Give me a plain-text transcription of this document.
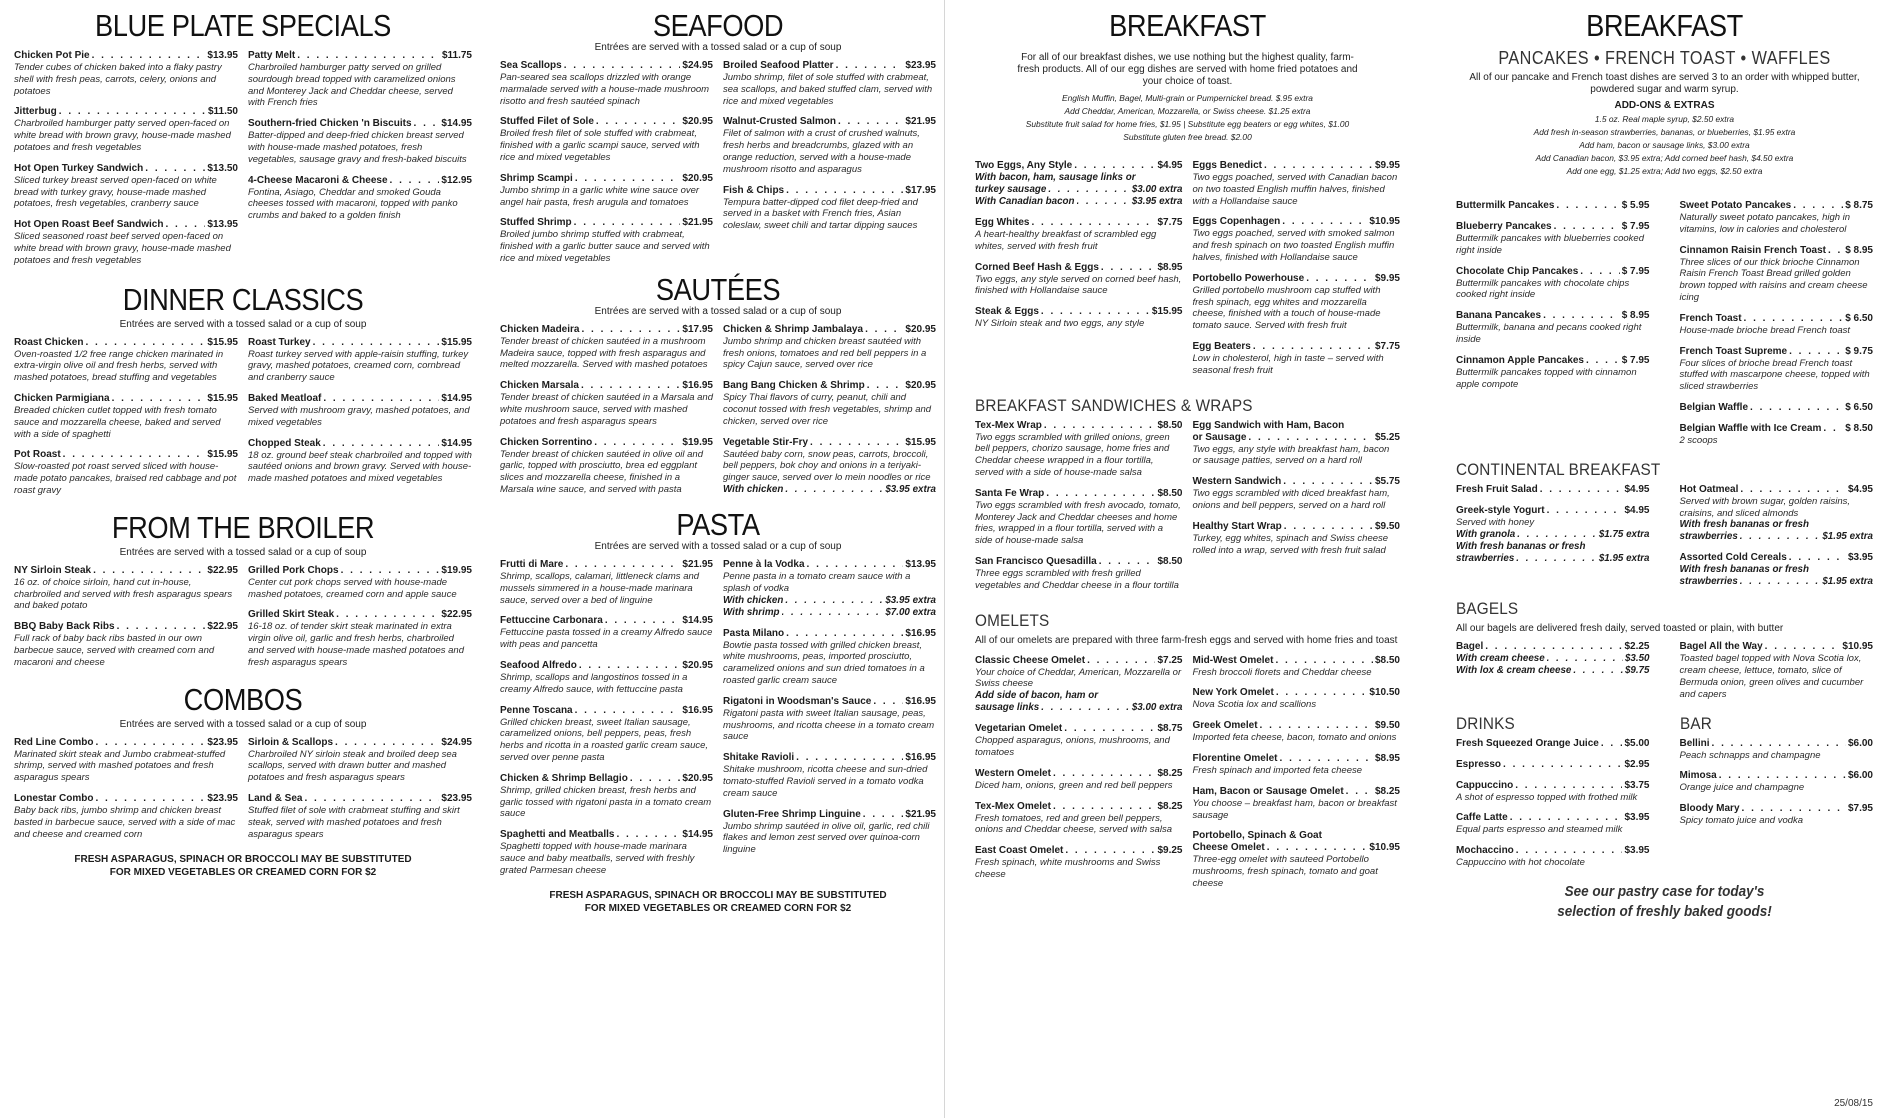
BLUE PLATE SPECIALS
Chicken Pot Pie . . .	$13.95
Tender cubes of chicken baked into a flaky pastry shell with fresh peas, carrots, celery, onions and potatoes
Jitterbug . . .	$11.50
Charbroiled hamburger patty served open-faced on white bread with brown gravy, house-made mashed potatoes and fresh vegetables
Hot Open Turkey Sandwich . . .	$13.50
Sliced turkey breast served open-faced on white bread with turkey gravy, house-made mashed potatoes, fresh vegetables, cranberry sauce
Hot Open Roast Beef Sandwich . . .	$13.95
Sliced seasoned roast beef served open-faced on white bread with brown gravy, house-made mashed potatoes and fresh vegetables
Patty Melt . . .	$11.75
Charbroiled hamburger patty served on grilled sourdough bread topped with caramelized onions and Monterey Jack and Cheddar cheese, served with French fries
Southern-fried Chicken 'n Biscuits . . .	$14.95
Batter-dipped and deep-fried chicken breast served with house-made mashed potatoes, fresh vegetables, sausage gravy and fresh-baked biscuits
4-Cheese Macaroni & Cheese . . .	$12.95
Fontina, Asiago, Cheddar and smoked Gouda cheeses tossed with macaroni, topped with panko crumbs and baked to a golden finish
DINNER CLASSICS
Entrées are served with a tossed salad or a cup of soup
Roast Chicken . . .	$15.95
Oven-roasted 1/2 free range chicken marinated in extra-virgin olive oil and fresh herbs, served with mashed potatoes, bread stuffing and vegetables
Chicken Parmigiana . . .	$15.95
Breaded chicken cutlet topped with fresh tomato sauce and mozzarella cheese, baked and served with a side of spaghetti
Pot Roast . . .	$15.95
Slow-roasted pot roast served sliced with house-made potato pancakes, braised red cabbage and pot roast gravy
Roast Turkey . . .	$15.95
Roast turkey served with apple-raisin stuffing, turkey gravy, mashed potatoes, creamed corn, cornbread and cranberry sauce
Baked Meatloaf . . .	$14.95
Served with mushroom gravy, mashed potatoes, and mixed vegetables
Chopped Steak . . .	$14.95
18 oz. ground beef steak charbroiled and topped with sautéed onions and brown gravy. Served with house-made mashed potatoes and mixed vegetables
FROM THE BROILER
Entrées are served with a tossed salad or a cup of soup
NY Sirloin Steak . . .	$22.95
16 oz. of choice sirloin, hand cut in-house, charbroiled and served with fresh asparagus spears and baked potato
BBQ Baby Back Ribs . . .	$22.95
Full rack of baby back ribs basted in our own barbecue sauce, served with creamed corn and macaroni and cheese
Grilled Pork Chops . . .	$19.95
Center cut pork chops served with house-made mashed potatoes, creamed corn and apple sauce
Grilled Skirt Steak . . .	$22.95
16-18 oz. of tender skirt steak marinated in extra virgin olive oil, garlic and fresh herbs, charbroiled and served with house-made mashed potatoes and fresh asparagus spears
COMBOS
Entrées are served with a tossed salad or a cup of soup
Red Line Combo . . .	$23.95
Marinated skirt steak and Jumbo crabmeat-stuffed shrimp, served with mashed potatoes and fresh asparagus spears
Lonestar Combo . . .	$23.95
Baby back ribs, jumbo shrimp and chicken breast basted in barbecue sauce, served with a side of mac and cheese and creamed corn
Sirloin & Scallops . . .	$24.95
Charbroiled NY sirloin steak and broiled deep sea scallops, served with drawn butter and mashed potatoes and fresh asparagus spears
Land & Sea . . .	$23.95
Stuffed filet of sole with crabmeat stuffing and skirt steak, served with mashed potatoes and fresh asparagus spears
FRESH ASPARAGUS, SPINACH OR BROCCOLI MAY BE SUBSTITUTED
FOR MIXED VEGETABLES OR CREAMED CORN FOR $2
SEAFOOD
Entrées are served with a tossed salad or a cup of soup
Sea Scallops . . .	$24.95
Pan-seared sea scallops drizzled with orange marmalade served with a house-made mushroom risotto and fresh sautéed spinach
Stuffed Filet of Sole . . .	$20.95
Broiled fresh filet of sole stuffed with crabmeat, finished with a garlic scampi sauce, served with rice and mixed vegetables
Shrimp Scampi . . .	$20.95
Jumbo shrimp in a garlic white wine sauce over angel hair pasta, fresh arugula and tomatoes
Stuffed Shrimp . . .	$21.95
Broiled jumbo shrimp stuffed with crabmeat, finished with a garlic butter sauce and served with rice and mixed vegetables
Broiled Seafood Platter . . .	$23.95
Jumbo shrimp, filet of sole stuffed with crabmeat, sea scallops, and baked stuffed clam, served with rice and mixed vegetables
Walnut-Crusted Salmon . . .	$21.95
Filet of salmon with a crust of crushed walnuts, fresh herbs and breadcrumbs, glazed with an orange reduction, served with a house-made mushroom risotto and asparagus
Fish & Chips . . .	$17.95
Tempura batter-dipped cod filet deep-fried and served in a basket with French fries, Asian coleslaw, sweet chili and tartar dipping sauces
SAUTÉES
Entrées are served with a tossed salad or a cup of soup
Chicken Madeira . . .	$17.95
Tender breast of chicken sautéed in a mushroom Madeira sauce, topped with fresh asparagus and melted mozzarella. Served with mashed potatoes
Chicken Marsala . . .	$16.95
Tender breast of chicken sautéed in a Marsala and white mushroom sauce, served with mashed potatoes and fresh asparagus spears
Chicken Sorrentino . . .	$19.95
Tender breast of chicken sautéed in olive oil and garlic, topped with prosciutto, brea ed eggplant slices and mozzarella cheese, finished in a Marsala wine sauce, and served with pasta
Chicken & Shrimp Jambalaya . . .	$20.95
Jumbo shrimp and chicken breast sautéed with fresh onions, tomatoes and red bell peppers in a spicy Cajun sauce, served over rice
Bang Bang Chicken & Shrimp . . .	$20.95
Spicy Thai flavors of curry, peanut, chili and coconut tossed with fresh vegetables, shrimp and chicken, served over rice
Vegetable Stir-Fry . . .	$15.95
Sautéed baby corn, snow peas, carrots, broccoli, bell peppers, bok choy and onions in a teriyaki-ginger sauce, served over lo mein noodles or rice
With chicken . . .	$3.95 extra
PASTA
Entrées are served with a tossed salad or a cup of soup
Frutti di Mare . . .	$21.95
Shrimp, scallops, calamari, littleneck clams and mussels simmered in a house-made marinara sauce, served over a bed of linguine
Fettuccine Carbonara . . .	$14.95
Fettuccine pasta tossed in a creamy Alfredo sauce with peas and pancetta
Seafood Alfredo . . .	$20.95
Shrimp, scallops and langostinos tossed in a creamy Alfredo sauce, with fettuccine pasta
Penne Toscana . . .	$16.95
Grilled chicken breast, sweet Italian sausage, caramelized onions, bell peppers, peas, fresh herbs and ricotta in a roasted garlic cream sauce, served over penne pasta
Chicken & Shrimp Bellagio . . .	$20.95
Shrimp, grilled chicken breast, fresh herbs and garlic tossed with rigatoni pasta in a tomato cream sauce
Spaghetti and Meatballs . . .	$14.95
Spaghetti topped with house-made marinara sauce and baby meatballs, served with freshly grated Parmesan cheese
Penne à la Vodka . . .	$13.95
Penne pasta in a tomato cream sauce with a splash of vodka
With chicken . . .	$3.95 extra
With shrimp . . .	$7.00 extra
Pasta Milano . . .	$16.95
Bowtie pasta tossed with grilled chicken breast, white mushrooms, peas, imported prosciutto, caramelized onions and sun dried tomatoes in a roasted garlic cream sauce
Rigatoni in Woodsman's Sauce . . .	$16.95
Rigatoni pasta with sweet Italian sausage, peas, mushrooms, and ricotta cheese in a tomato cream sauce
Shitake Ravioli . . .	$16.95
Shitake mushroom, ricotta cheese and sun-dried tomato-stuffed Ravioli served in a tomato vodka cream sauce
Gluten-Free Shrimp Linguine . . .	$21.95
Jumbo shrimp sautéed in olive oil, garlic, red chili flakes and lemon zest served over quinoa-corn linguine
FRESH ASPARAGUS, SPINACH OR BROCCOLI MAY BE SUBSTITUTED
FOR MIXED VEGETABLES OR CREAMED CORN FOR $2
BREAKFAST
For all of our breakfast dishes, we use nothing but the highest quality, farm-fresh products. All of our egg dishes are served with home fried potatoes and your choice of toast.
English Muffin, Bagel, Multi-grain or Pumpernickel bread. $.95 extra
Add Cheddar, American, Mozzarella, or Swiss cheese. $1.25 extra
Substitute fruit salad for home fries, $1.95 | Substitute egg beaters or egg whites, $1.00
Substitute gluten free bread. $2.00
Two Eggs, Any Style . . .	$4.95
With bacon, ham, sausage links or
turkey sausage . . .	$3.00 extra
With Canadian bacon . . .	$3.95 extra
Egg Whites . . .	$7.75
A heart-healthy breakfast of scrambled egg whites, served with fresh fruit
Corned Beef Hash & Eggs . . .	$8.95
Two eggs, any style served on corned beef hash, finished with Hollandaise sauce
Steak & Eggs . . .	$15.95
NY Sirloin steak and two eggs, any style
Eggs Benedict . . .	$9.95
Two eggs poached, served with Canadian bacon on two toasted English muffin halves, finished with a Hollandaise sauce
Eggs Copenhagen . . .	$10.95
Two eggs poached, served with smoked salmon and fresh spinach on two toasted English muffin halves, finished with Hollandaise sauce
Portobello Powerhouse . . .	$9.95
Grilled portobello mushroom cap stuffed with fresh spinach, egg whites and mozzarella cheese, finished with a touch of house-made tomato sauce. Served with fresh fruit
Egg Beaters . . .	$7.75
Low in cholesterol, high in taste – served with seasonal fresh fruit
BREAKFAST SANDWICHES & WRAPS
Tex-Mex Wrap . . .	$8.50
Two eggs scrambled with grilled onions, green bell peppers, chorizo sausage, home fries and Cheddar cheese wrapped in a flour tortilla, served with a side of house-made salsa
Santa Fe Wrap . . .	$8.50
Two eggs scrambled with fresh avocado, tomato, Monterey Jack and Cheddar cheeses and home fries, wrapped in a flour tortilla, served with a side of house-made salsa
San Francisco Quesadilla . . .	$8.50
Three eggs scrambled with fresh grilled vegetables and Cheddar cheese in a flour tortilla
Egg Sandwich with Ham, Bacon
or Sausage . . .	$5.25
Two eggs, any style with breakfast ham, bacon or sausage patties, served on a hard roll
Western Sandwich . . .	$5.75
Two eggs scrambled with diced breakfast ham, onions and bell peppers, served on a hard roll
Healthy Start Wrap . . .	$9.50
Turkey, egg whites, spinach and Swiss cheese rolled into a wrap, served with fresh fruit salad
OMELETS
All of our omelets are prepared with three farm-fresh eggs and served with home fries and toast
Classic Cheese Omelet . . .	$7.25
Your choice of Cheddar, American, Mozzarella or Swiss cheese
Add side of bacon, ham or
sausage links . . .	$3.00 extra
Vegetarian Omelet . . .	$8.75
Chopped asparagus, onions, mushrooms, and tomatoes
Western Omelet . . .	$8.25
Diced ham, onions, green and red bell peppers
Tex-Mex Omelet . . .	$8.25
Fresh tomatoes, red and green bell peppers, onions and Cheddar cheese, served with salsa
East Coast Omelet . . .	$9.25
Fresh spinach, white mushrooms and Swiss cheese
Mid-West Omelet . . .	$8.50
Fresh broccoli florets and Cheddar cheese
New York Omelet . . .	$10.50
Nova Scotia lox and scallions
Greek Omelet . . .	$9.50
Imported feta cheese, bacon, tomato and onions
Florentine Omelet . . .	$8.95
Fresh spinach and imported feta cheese
Ham, Bacon or Sausage Omelet . . .	$8.25
You choose – breakfast ham, bacon or breakfast sausage
Portobello, Spinach & Goat
Cheese Omelet . . .	$10.95
Three-egg omelet with sauteed Portobello mushrooms, fresh spinach, tomato and goat cheese
BREAKFAST
PANCAKES • FRENCH TOAST • WAFFLES
All of our pancake and French toast dishes are served 3 to an order with whipped butter, powdered sugar and warm syrup.
ADD-ONS & EXTRAS
1.5 oz. Real maple syrup, $2.50 extra
Add fresh in-season strawberries, bananas, or blueberries, $1.95 extra
Add ham, bacon or sausage links, $3.00 extra
Add Canadian bacon, $3.95 extra; Add corned beef hash, $4.50 extra
Add one egg, $1.25 extra; Add two eggs, $2.50 extra
Buttermilk Pancakes . . .	$ 5.95
Blueberry Pancakes . . .	$ 7.95
Buttermilk pancakes with blueberries cooked right inside
Chocolate Chip Pancakes . . .	$ 7.95
Buttermilk pancakes with chocolate chips cooked right inside
Banana Pancakes . . .	$ 8.95
Buttermilk, banana and pecans cooked right inside
Cinnamon Apple Pancakes . . .	$ 7.95
Buttermilk pancakes topped with cinnamon apple compote
Sweet Potato Pancakes . . .	$ 8.75
Naturally sweet potato pancakes, high in vitamins, low in calories and cholesterol
Cinnamon Raisin French Toast . . . $ 8.95
Three slices of our thick brioche Cinnamon Raisin French Toast Bread grilled golden brown topped with raisins and cream cheese icing
French Toast . . .	$ 6.50
House-made brioche bread French toast
French Toast Supreme . . .	$ 9.75
Four slices of brioche bread French toast stuffed with mascarpone cheese, topped with sliced strawberries
Belgian Waffle . . .	$ 6.50
Belgian Waffle with Ice Cream . . . $ 8.50
2 scoops
CONTINENTAL BREAKFAST
Fresh Fruit Salad . . .	$4.95
Greek-style Yogurt . . .	$4.95
Served with honey
With granola . . .	$1.75 extra
With fresh bananas or fresh
strawberries . . .	$1.95 extra
Hot Oatmeal . . .	$4.95
Served with brown sugar, golden raisins, craisins, and sliced almonds
With fresh bananas or fresh
strawberries . . .	$1.95 extra
Assorted Cold Cereals . . .	$3.95
With fresh bananas or fresh
strawberries . . .	$1.95 extra
BAGELS
All our bagels are delivered fresh daily, served toasted or plain, with butter
Bagel . . .	$2.25
With cream cheese . . .	$3.50
With lox & cream cheese . . .	$9.75
Bagel All the Way . . .	$10.95
Toasted bagel topped with Nova Scotia lox, cream cheese, lettuce, tomato, slice of Bermuda onion, green olives and cucumber and capers
DRINKS
Fresh Squeezed Orange Juice . . .	$5.00
Espresso . . .	$2.95
Cappuccino . . .	$3.75
A shot of espresso topped with frothed milk
Caffe Latte . . .	$3.95
Equal parts espresso and steamed milk
Mochaccino . . .	$3.95
Cappuccino with hot chocolate
BAR
Bellini . . .	$6.00
Peach schnapps and champagne
Mimosa . . .	$6.00
Orange juice and champagne
Bloody Mary . . .	$7.95
Spicy tomato juice and vodka
See our pastry case for today's
selection of freshly baked goods!
25/08/15
